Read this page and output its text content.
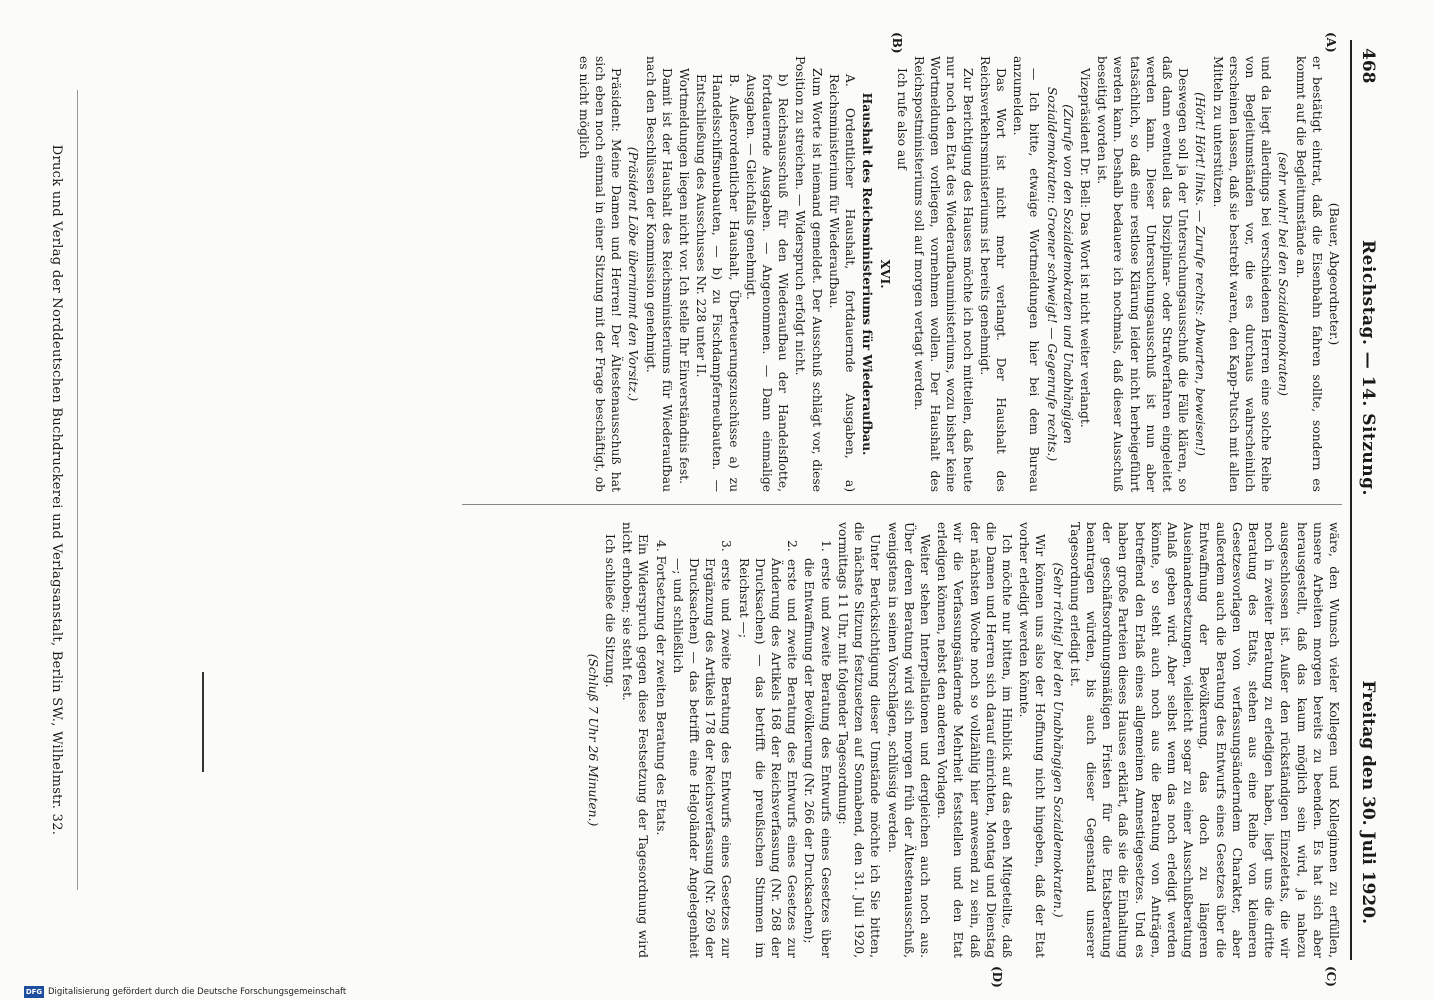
468
Reichstag. — 14. Sitzung.
Freitag den 30. Juli 1920.
(A)
(B)
(C)
(D)

(Bauer, Abgeordneter.)

er bestätigt eintrat, daß die Eisenbahn fahren sollte, sondern es kommt auf die Begleitumstände an.

(sehr wahr! bei den Sozialdemokraten)

und da liegt allerdings bei verschiedenen Herren eine solche Reihe von Begleitumständen vor, die es durchaus wahrscheinlich erscheinen lassen, daß sie bestrebt waren, den Kapp-Putsch mit allen Mitteln zu unterstützen.

(Hört! Hört! links. — Zurufe rechts: Abwarten, beweisen!)

Deswegen soll ja der Untersuchungsausschuß die Fälle klären, so daß dann eventuell das Disziplinar- oder Strafverfahren eingeleitet werden kann. Dieser Untersuchungsausschuß ist nun aber tatsächlich, so daß eine restlose Klärung leider nicht herbeigeführt werden kann. Deshalb bedauere ich nochmals, daß dieser Ausschuß beseitigt worden ist.

Vizepräsident Dr. Bell: Das Wort ist nicht weiter verlangt.

(Zurufe von den Sozialdemokraten und Unabhängigen Sozialdemokraten: Groener schweigt! — Gegenrufe rechts.)

— Ich bitte, etwaige Wortmeldungen hier bei dem Bureau anzumelden.

Das Wort ist nicht mehr verlangt. Der Haushalt des Reichsverkehrsministeriums ist bereits genehmigt.

Zur Berichtigung des Hauses möchte ich noch mitteilen, daß heute nur noch den Etat des Wiederaufbauministeriums, wozu bisher keine Wortmeldungen vorliegen, vornehmen wollen. Der Haushalt des Reichspostministeriums soll auf morgen vertagt werden.

Ich rufe also auf

XVI.

Haushalt des Reichsministeriums für Wiederaufbau.

A. Ordentlicher Haushalt, fortdauernde Ausgaben, a) Reichsministerium für Wiederaufbau.

Zum Worte ist niemand gemeldet. Der Ausschuß schlägt vor, diese Position zu streichen. — Widerspruch erfolgt nicht.

b) Reichsausschuß für den Wiederaufbau der Handelsflotte, fortdauernde Ausgaben. — Angenommen. — Dann einmalige Ausgaben. — Gleichfalls genehmigt.

B. Außerordentlicher Haushalt, Überteuerungszuschüsse a) zu Handelsschiffsneubauten, — b) zu Fischdampferneubauten. — Entschließung des Ausschusses Nr. 228 unter II.

Wortmeldungen liegen nicht vor. Ich stelle Ihr Einverständnis fest.

Damit ist der Haushalt des Reichsministeriums für Wiederaufbau nach den Beschlüssen der Kommission genehmigt.

(Präsident Löbe übernimmt den Vorsitz.)

Präsident: Meine Damen und Herren! Der Ältestenausschuß hat sich eben noch einmal in einer Sitzung mit der Frage beschäftigt, ob es nicht möglich

wäre, den Wunsch vieler Kollegen und Kolleginnen zu erfüllen, unsere Arbeiten morgen bereits zu beenden. Es hat sich aber herausgestellt, daß das kaum möglich sein wird, ja nahezu ausgeschlossen ist. Außer den rückständigen Einzeletats, die wir noch in zweiter Beratung zu erledigen haben, liegt uns die dritte Beratung des Etats, stehen aus eine Reihe von kleineren Gesetzesvorlagen von verfassungsänderndem Charakter, aber außerdem auch die Beratung des Entwurfs eines Gesetzes über die Entwaffnung der Bevölkerung, das doch zu längeren Auseinandersetzungen, vielleicht sogar zu einer Ausschußberatung Anlaß geben wird. Aber selbst wenn das noch erledigt werden könnte, so steht auch noch aus die Beratung von Anträgen, betreffend den Erlaß eines allgemeinen Amnestiegesetzes. Und es haben große Parteien dieses Hauses erklärt, daß sie die Einhaltung der geschäftsordnungsmäßigen Fristen für die Etatsberatung beantragen würden, bis auch dieser Gegenstand unserer Tagesordnung erledigt ist.

(Sehr richtig! bei den Unabhängigen Sozialdemokraten.)

Wir können uns also der Hoffnung nicht hingeben, daß der Etat vorher erledigt werden könnte.

Ich möchte nur bitten, im Hinblick auf das eben Mitgeteilte, daß die Damen und Herren sich darauf einrichten, Montag und Dienstag der nächsten Woche noch so vollzählig hier anwesend zu sein, daß wir die Verfassungsändernde Mehrheit feststellen und den Etat erledigen können, nebst den anderen Vorlagen.

Weiter stehen Interpellationen und dergleichen auch noch aus. Über deren Beratung wird sich morgen früh der Ältestenausschuß, wenigstens in seinen Vorschlägen, schlüssig werden.

Unter Berücksichtigung dieser Umstände möchte ich Sie bitten, die nächste Sitzung festzusetzen auf Sonnabend, den 31. Juli 1920, vormittags 11 Uhr, mit folgender Tagesordnung:

1. erste und zweite Beratung des Entwurfs eines Gesetzes über die Entwaffnung der Bevölkerung (Nr. 266 der Drucksachen);

2. erste und zweite Beratung des Entwurfs eines Gesetzes zur Änderung des Artikels 168 der Reichsverfassung (Nr. 268 der Drucksachen) — das betrifft die preußischen Stimmen im Reichsrat —;

3. erste und zweite Beratung des Entwurfs eines Gesetzes zur Ergänzung des Artikels 178 der Reichsverfassung (Nr. 269 der Drucksachen) — das betrifft eine Helgoländer Angelegenheit —; und schließlich

4. Fortsetzung der zweiten Beratung des Etats.

Ein Widerspruch gegen diese Festsetzung der Tagesordnung wird nicht erhoben; sie steht fest.

Ich schließe die Sitzung.

(Schluß 7 Uhr 26 Minuten.)

Druck und Verlag der Norddeutschen Buchdruckerei und Verlagsanstalt, Berlin SW., Wilhelmstr. 32.
DFG Digitalisierung gefördert durch die Deutsche Forschungsgemeinschaft
